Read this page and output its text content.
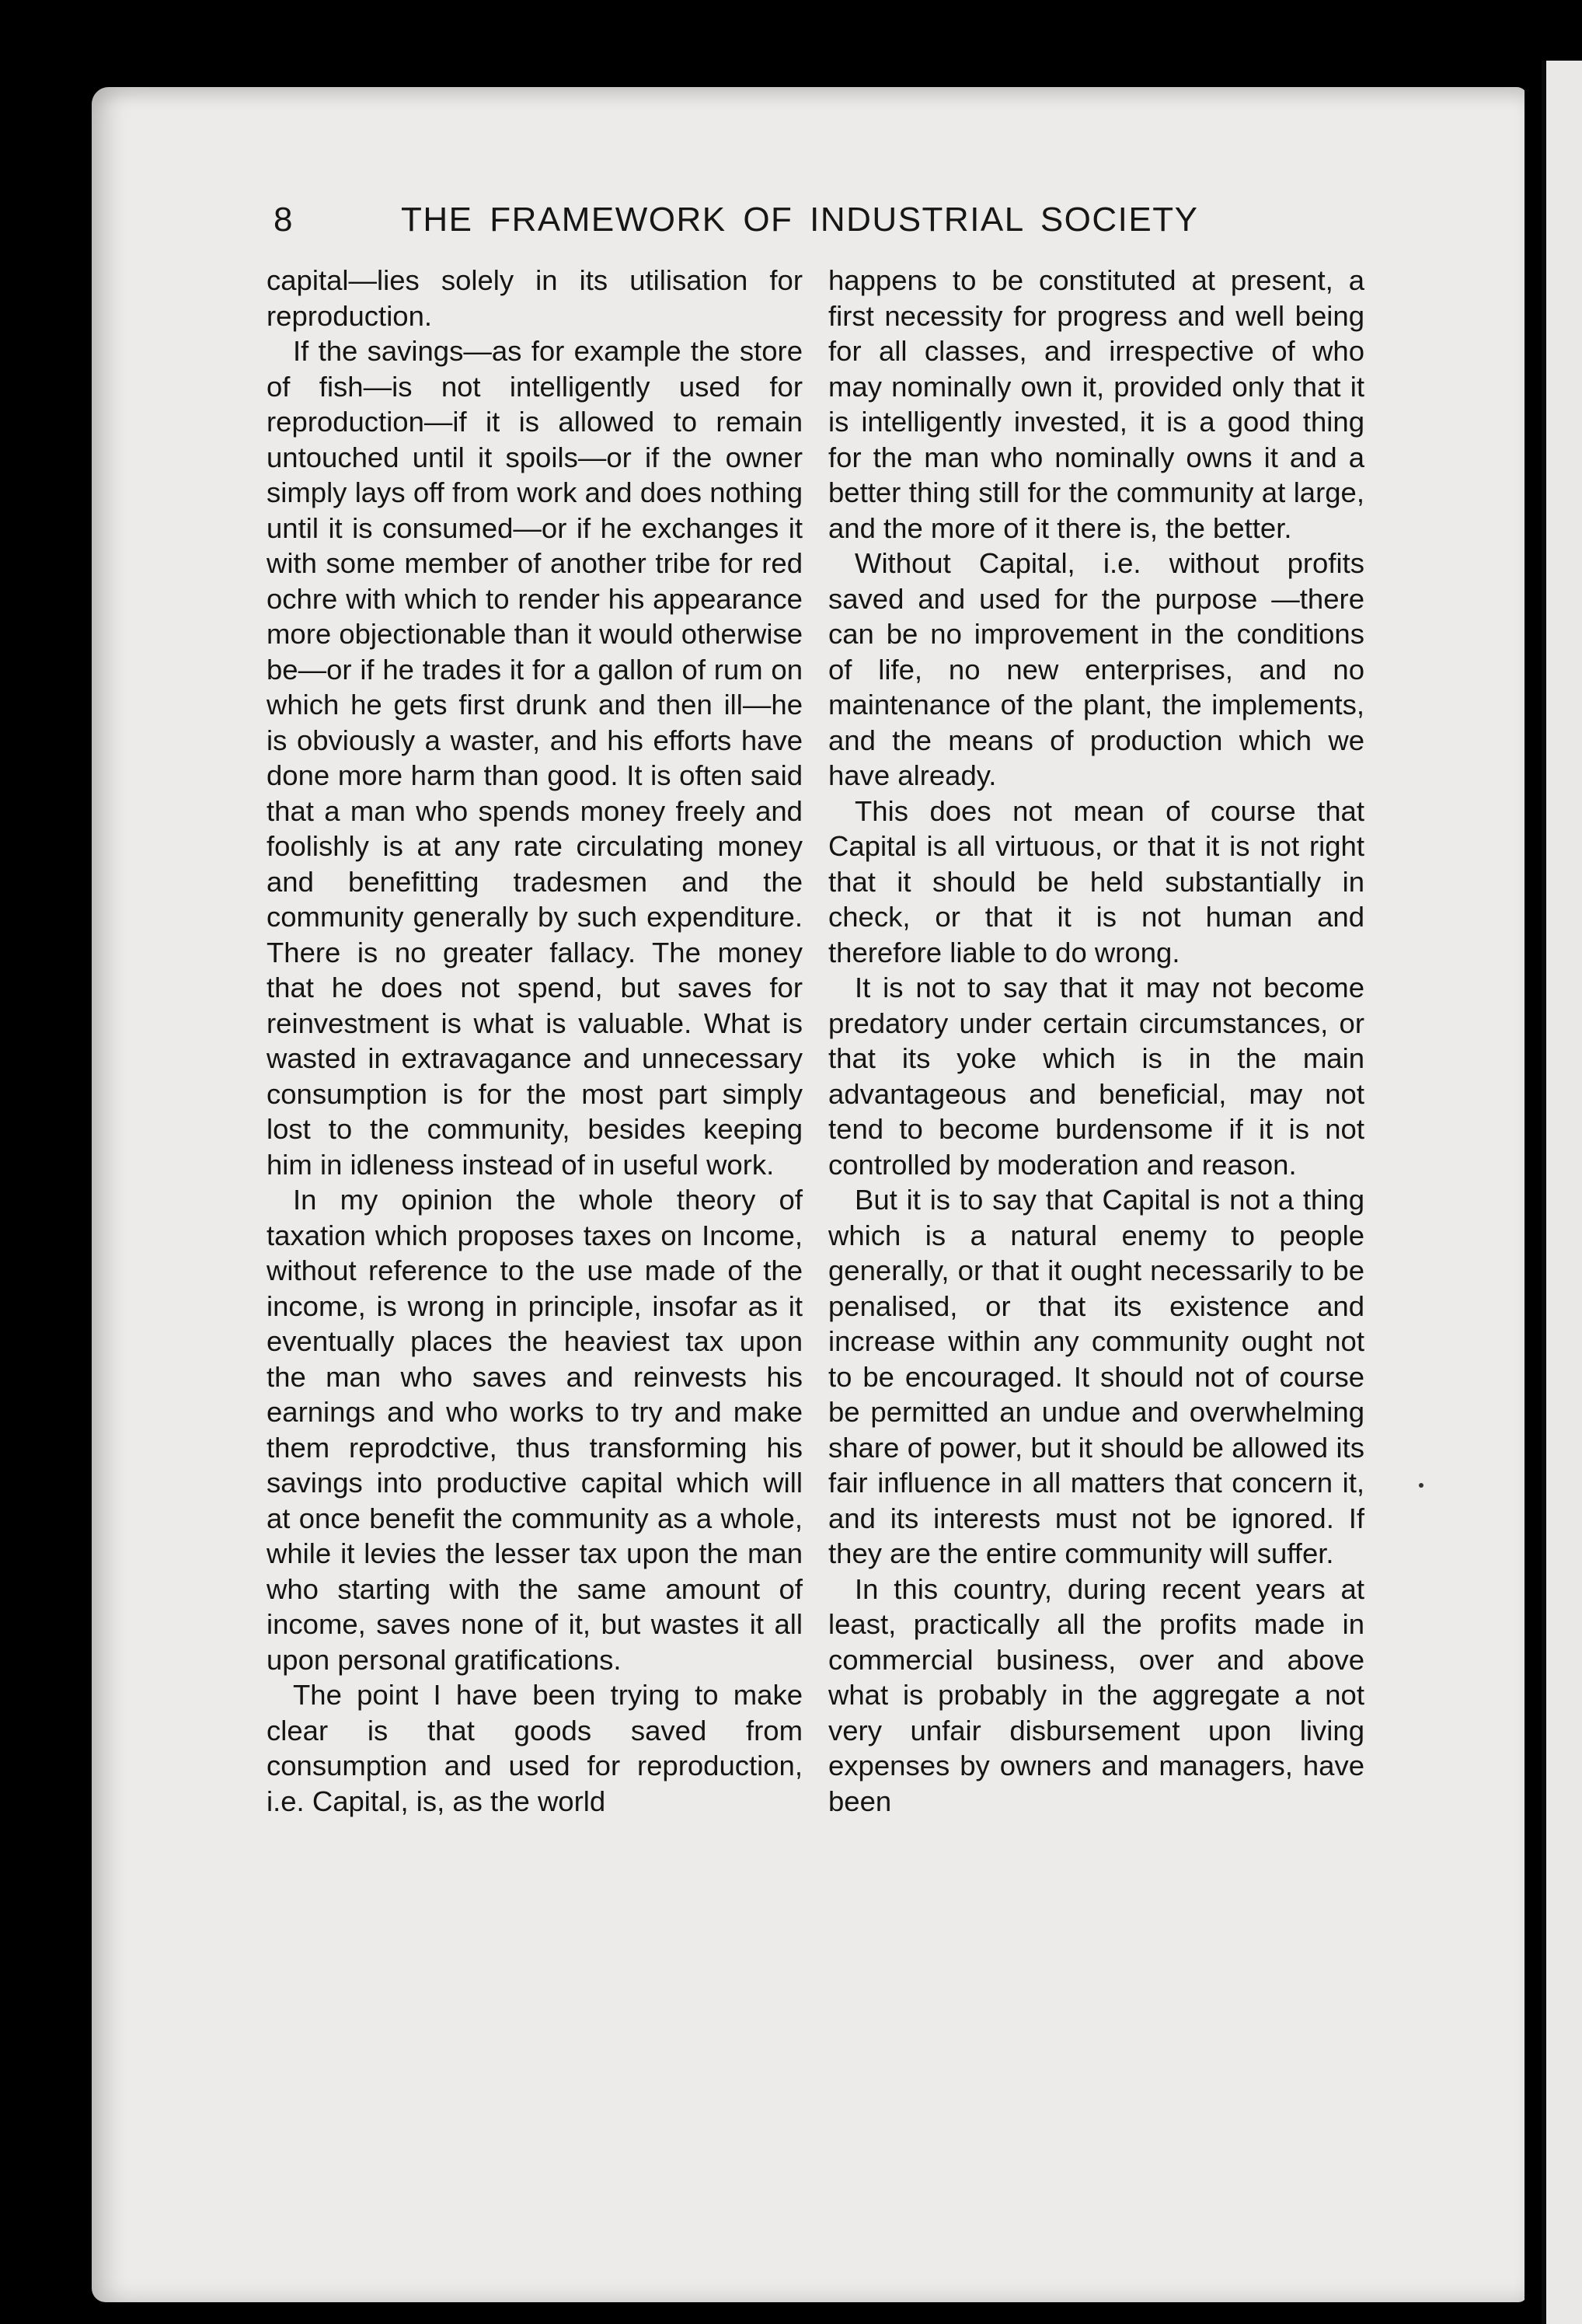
8	THE FRAMEWORK OF INDUSTRIAL SOCIETY

capital—lies solely in its utilisation for reproduction.

If the savings—as for example the store of fish—is not intelligently used for reproduction—if it is allowed to remain untouched until it spoils—or if the owner simply lays off from work and does nothing until it is consumed—or if he exchanges it with some member of another tribe for red ochre with which to render his appearance more objectionable than it would otherwise be—or if he trades it for a gallon of rum on which he gets first drunk and then ill—he is obviously a waster, and his efforts have done more harm than good. It is often said that a man who spends money freely and foolishly is at any rate circulating money and benefitting tradesmen and the community generally by such expenditure. There is no greater fallacy. The money that he does not spend, but saves for reinvestment is what is valuable. What is wasted in extravagance and unnecessary consumption is for the most part simply lost to the community, besides keeping him in idleness instead of in useful work.

In my opinion the whole theory of taxation which proposes taxes on Income, without reference to the use made of the income, is wrong in principle, insofar as it eventually places the heaviest tax upon the man who saves and reinvests his earnings and who works to try and make them reprodctive, thus transforming his savings into productive capital which will at once benefit the community as a whole, while it levies the lesser tax upon the man who starting with the same amount of income, saves none of it, but wastes it all upon personal gratifications.

The point I have been trying to make clear is that goods saved from consumption and used for reproduction, i.e. Capital, is, as the world

happens to be constituted at present, a first necessity for progress and well being for all classes, and irrespective of who may nominally own it, provided only that it is intelligently invested, it is a good thing for the man who nominally owns it and a better thing still for the community at large, and the more of it there is, the better.

Without Capital, i.e. without profits saved and used for the purpose —there can be no improvement in the conditions of life, no new enterprises, and no maintenance of the plant, the implements, and the means of production which we have already.

This does not mean of course that Capital is all virtuous, or that it is not right that it should be held substantially in check, or that it is not human and therefore liable to do wrong.

It is not to say that it may not become predatory under certain circumstances, or that its yoke which is in the main advantageous and beneficial, may not tend to become burdensome if it is not controlled by moderation and reason.

But it is to say that Capital is not a thing which is a natural enemy to people generally, or that it ought necessarily to be penalised, or that its existence and increase within any community ought not to be encouraged. It should not of course be permitted an undue and overwhelming share of power, but it should be allowed its fair influence in all matters that concern it, and its interests must not be ignored. If they are the entire community will suffer.

In this country, during recent years at least, practically all the profits made in commercial business, over and above what is probably in the aggregate a not very unfair disbursement upon living expenses by owners and managers, have been
